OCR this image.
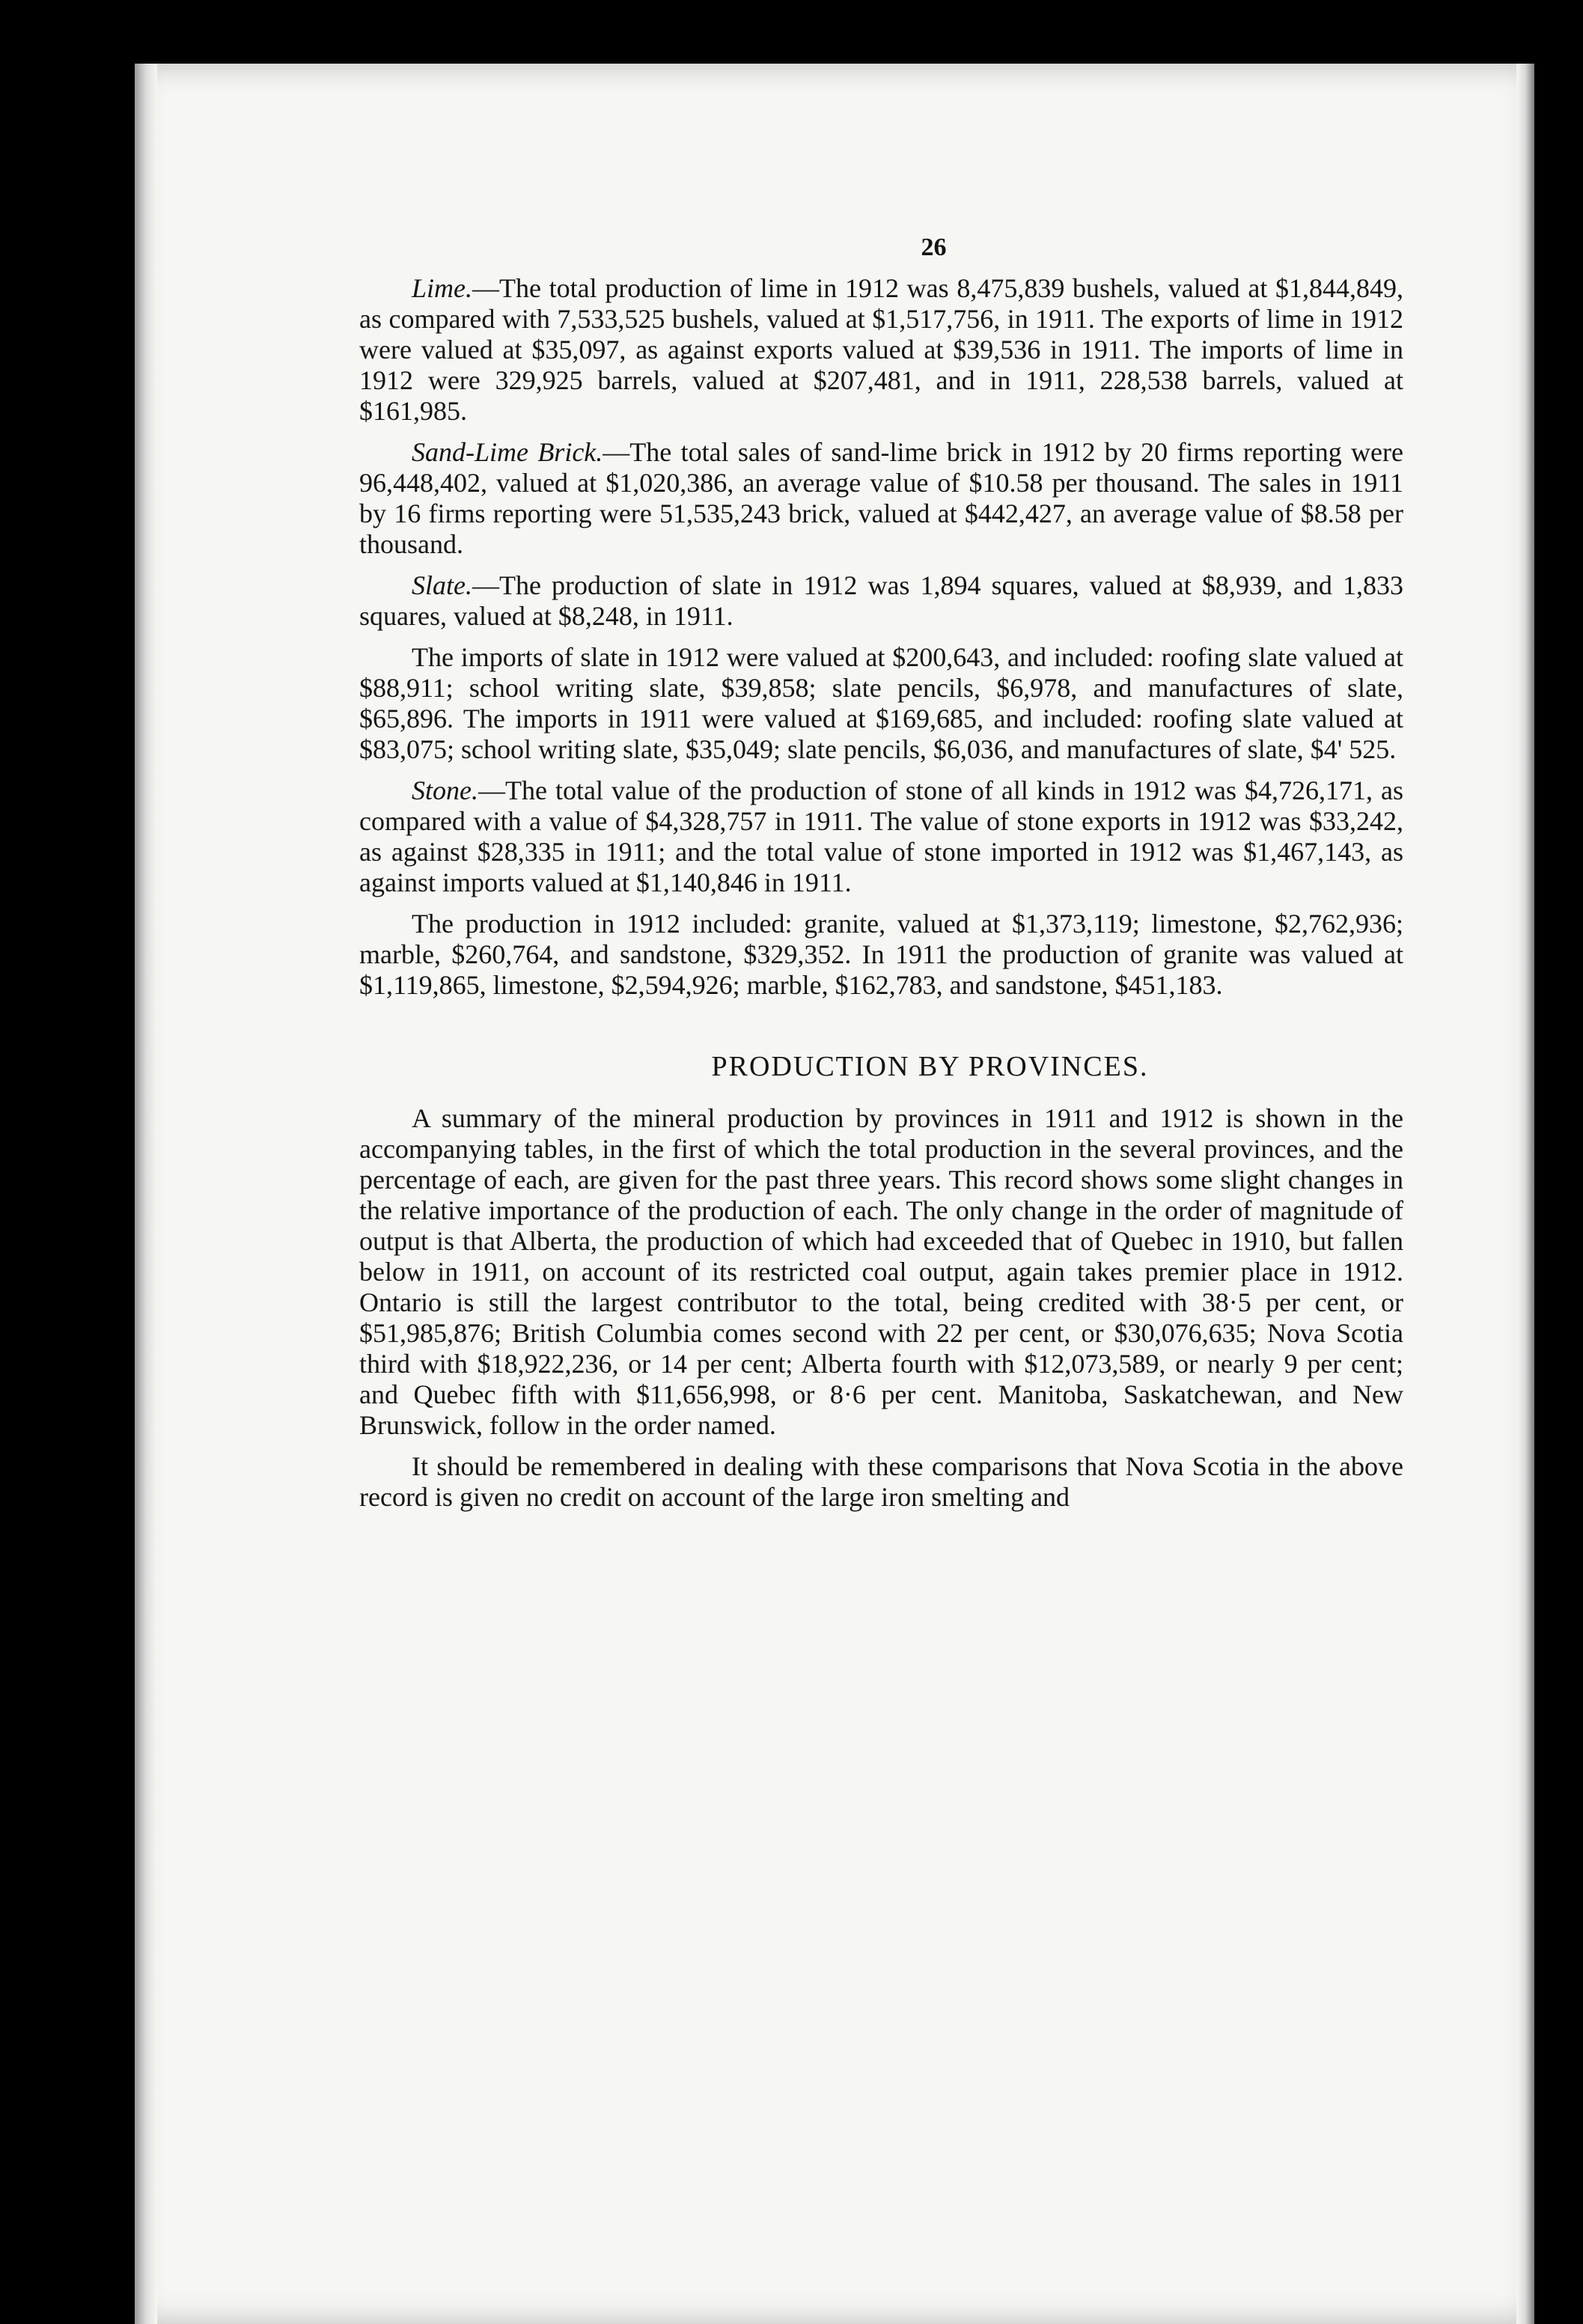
26

Lime.—The total production of lime in 1912 was 8,475,839 bushels, valued at $1,844,849, as compared with 7,533,525 bushels, valued at $1,517,756, in 1911. The exports of lime in 1912 were valued at $35,097, as against exports valued at $39,536 in 1911. The imports of lime in 1912 were 329,925 barrels, valued at $207,481, and in 1911, 228,538 barrels, valued at $161,985.

Sand-Lime Brick.—The total sales of sand-lime brick in 1912 by 20 firms reporting were 96,448,402, valued at $1,020,386, an average value of $10.58 per thousand. The sales in 1911 by 16 firms reporting were 51,535,243 brick, valued at $442,427, an average value of $8.58 per thousand.

Slate.—The production of slate in 1912 was 1,894 squares, valued at $8,939, and 1,833 squares, valued at $8,248, in 1911.

The imports of slate in 1912 were valued at $200,643, and included: roofing slate valued at $88,911; school writing slate, $39,858; slate pencils, $6,978, and manufactures of slate, $65,896. The imports in 1911 were valued at $169,685, and included: roofing slate valued at $83,075; school writing slate, $35,049; slate pencils, $6,036, and manufactures of slate, $4' 525.

Stone.—The total value of the production of stone of all kinds in 1912 was $4,726,171, as compared with a value of $4,328,757 in 1911. The value of stone exports in 1912 was $33,242, as against $28,335 in 1911; and the total value of stone imported in 1912 was $1,467,143, as against imports valued at $1,140,846 in 1911.

The production in 1912 included: granite, valued at $1,373,119; limestone, $2,762,936; marble, $260,764, and sandstone, $329,352. In 1911 the production of granite was valued at $1,119,865, limestone, $2,594,926; marble, $162,783, and sandstone, $451,183.

PRODUCTION BY PROVINCES.

A summary of the mineral production by provinces in 1911 and 1912 is shown in the accompanying tables, in the first of which the total production in the several provinces, and the percentage of each, are given for the past three years. This record shows some slight changes in the relative importance of the production of each. The only change in the order of magnitude of output is that Alberta, the production of which had exceeded that of Quebec in 1910, but fallen below in 1911, on account of its restricted coal output, again takes premier place in 1912. Ontario is still the largest contributor to the total, being credited with 38·5 per cent, or $51,985,876; British Columbia comes second with 22 per cent, or $30,076,635; Nova Scotia third with $18,922,236, or 14 per cent; Alberta fourth with $12,073,589, or nearly 9 per cent; and Quebec fifth with $11,656,998, or 8·6 per cent. Manitoba, Saskatchewan, and New Brunswick, follow in the order named.

It should be remembered in dealing with these comparisons that Nova Scotia in the above record is given no credit on account of the large iron smelting and
